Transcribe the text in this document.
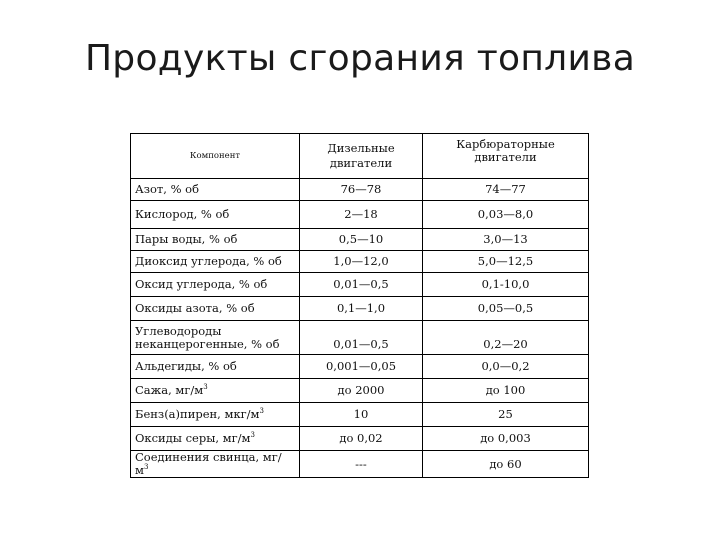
Продукты сгорания топлива
Компонент	Дизельные двигатели	Карбюраторные двигатели
Азот, % об	76—78	74—77
Кислород, % об	2—18	0,03—8,0
Пары воды, % об	0,5—10	3,0—13
Диоксид углерода, % об	1,0—12,0	5,0—12,5
Оксид углерода, % об	0,01—0,5	0,1-10,0
Оксиды азота, % об	0,1—1,0	0,05—0,5
Углеводороды неканцерогенные, % об	0,01—0,5	0,2—20
Альдегиды, % об	0,001—0,05	0,0—0,2
Сажа, $мг/м^3$	до 2000	до 100
Бенз(а)пирен, мкг/$м^3$	10	25
Оксиды серы, $мг/м^3$	до 0,02	до 0,003
Соединения свинца, $мг/м^3$	---	до 60
